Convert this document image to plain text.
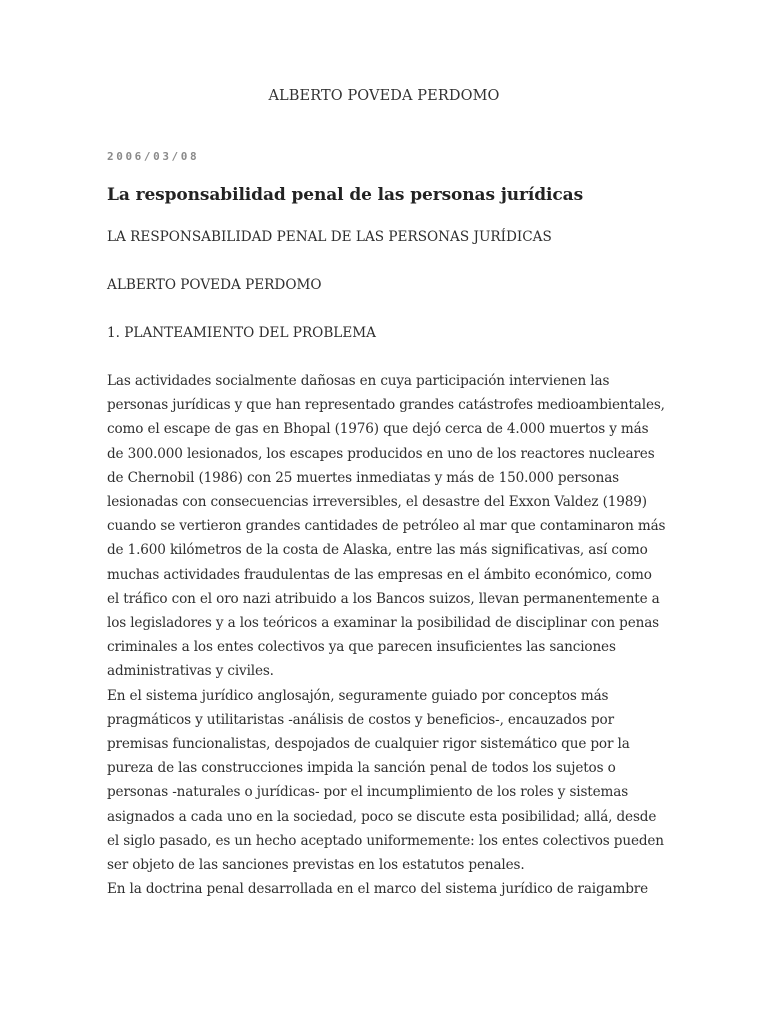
ALBERTO POVEDA PERDOMO
2006/03/08
La responsabilidad penal de las personas jurídicas

LA RESPONSABILIDAD PENAL DE LAS PERSONAS JURÍDICAS

ALBERTO POVEDA PERDOMO

1. PLANTEAMIENTO DEL PROBLEMA

Las actividades socialmente dañosas en cuya participación intervienen las personas jurídicas y que han representado grandes catástrofes medioambientales, como el escape de gas en Bhopal (1976) que dejó cerca de 4.000 muertos y más de 300.000 lesionados, los escapes producidos en uno de los reactores nucleares de Chernobil (1986) con 25 muertes inmediatas y más de 150.000 personas lesionadas con consecuencias irreversibles, el desastre del Exxon Valdez (1989) cuando se vertieron grandes cantidades de petróleo al mar que contaminaron más de 1.600 kilómetros de la costa de Alaska, entre las más significativas, así como muchas actividades fraudulentas de las empresas en el ámbito económico, como el tráfico con el oro nazi atribuido a los Bancos suizos, llevan permanentemente a los legisladores y a los teóricos a examinar la posibilidad de disciplinar con penas criminales a los entes colectivos ya que parecen insuficientes las sanciones administrativas y civiles.

En el sistema jurídico anglosajón, seguramente guiado por conceptos más pragmáticos y utilitaristas -análisis de costos y beneficios-, encauzados por premisas funcionalistas, despojados de cualquier rigor sistemático que por la pureza de las construcciones impida la sanción penal de todos los sujetos o personas -naturales o jurídicas- por el incumplimiento de los roles y sistemas asignados a cada uno en la sociedad, poco se discute esta posibilidad; allá, desde el siglo pasado, es un hecho aceptado uniformemente: los entes colectivos pueden ser objeto de las sanciones previstas en los estatutos penales.

En la doctrina penal desarrollada en el marco del sistema jurídico de raigambre
